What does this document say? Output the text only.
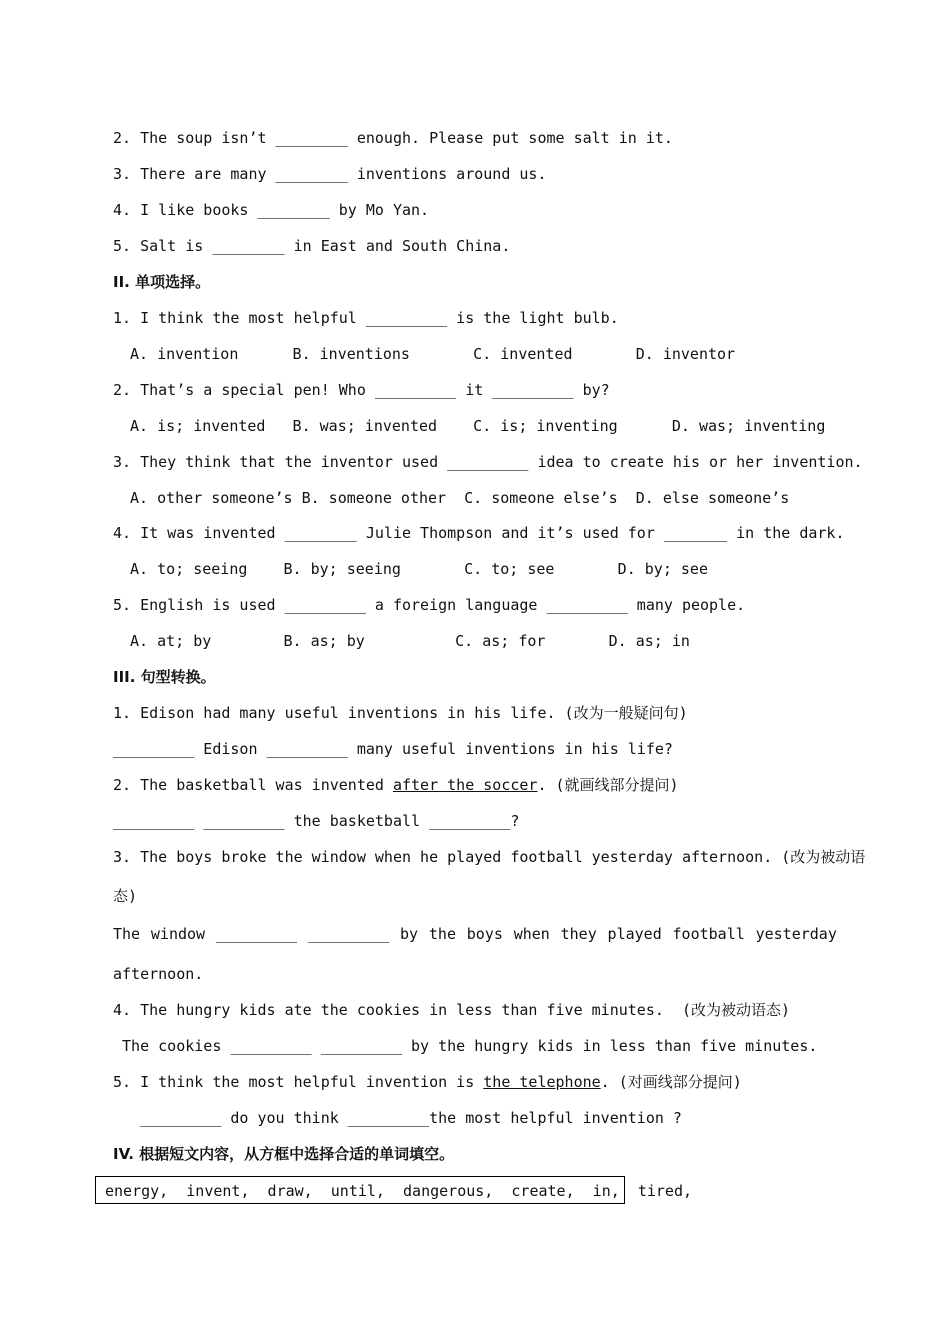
2. The soup isn’t ________ enough. Please put some salt in it.
3. There are many ________ inventions around us.
4. I like books ________ by Mo Yan.
5. Salt is ________ in East and South China.
II. 单项选择。
1. I think the most helpful _________ is the light bulb.
A. invention      B. inventions       C. invented       D. inventor
2. That’s a special pen! Who _________ it _________ by?
A. is; invented   B. was; invented    C. is; inventing      D. was; inventing
3. They think that the inventor used _________ idea to create his or her invention.
A. other someone’s B. someone other  C. someone else’s  D. else someone’s
4. It was invented ________ Julie Thompson and it’s used for _______ in the dark.
A. to; seeing    B. by; seeing       C. to; see       D. by; see
5. English is used _________ a foreign language _________ many people.
A. at; by        B. as; by          C. as; for       D. as; in
III. 句型转换。
1. Edison had many useful inventions in his life. (改为一般疑问句)
_________ Edison _________ many useful inventions in his life?
2. The basketball was invented after the soccer. (就画线部分提问)
_________ _________ the basketball _________?
3. The boys broke the window when he played football yesterday afternoon. (改为被动语
态)
The window _________ _________ by the boys when they played football yesterday
afternoon.
4. The hungry kids ate the cookies in less than five minutes.  (改为被动语态)
The cookies _________ _________ by the hungry kids in less than five minutes.
5. I think the most helpful invention is the telephone. (对画线部分提问)
_________ do you think _________the most helpful invention ?
IV. 根据短文内容，从方框中选择合适的单词填空。
energy,  invent,  draw,  until,  dangerous,  create,  in,  tired,
